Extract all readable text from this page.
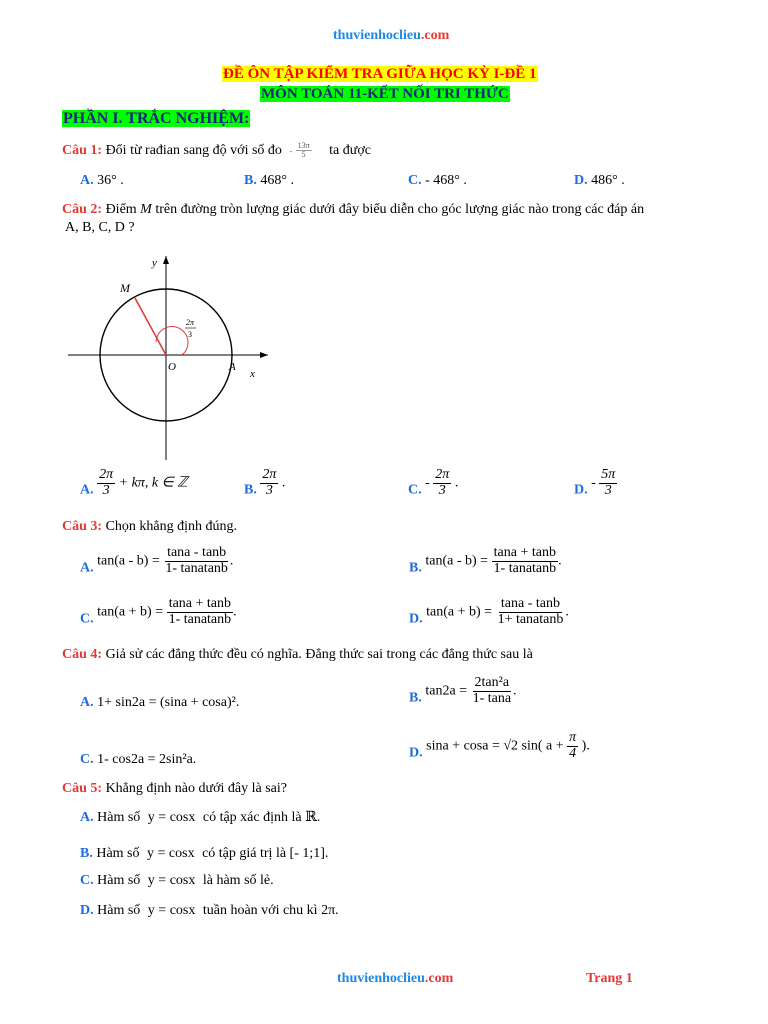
thuvienhoclieu.com
ĐỀ ÔN TẬP KIỂM TRA GIỮA HỌC KỲ I-ĐỀ 1
MÔN TOÁN 11-KẾT NỐI TRI THỨC
PHẦN I. TRẮC NGHIỆM:
Câu 1: Đổi từ rađian sang độ với số đo - $\frac{13\pi}{5}$ ta được
A. 36° .	B. 468° .	C. - 468° .	D. 486° .
Câu 2: Điểm M trên đường tròn lượng giác dưới đây biểu diễn cho góc lượng giác nào trong các đáp án
A, B, C, D ?
y
x
M
O	A
2π
3
A. $\frac{2\pi}{3} + k\pi$, k ∈ ℤ	B. $\frac{2\pi}{3}$ .	C. - $\frac{2\pi}{3}$ .	D. - $\frac{5\pi}{3}$
Câu 3: Chọn khẳng định đúng.
A. $\tan(a - b) = \frac{\tan a - \tan b}{\text{1- tanatanb}}$ .	B. $\tan(a - b) = \frac{\tan a + \tan b}{\text{1- tanatanb}}$ .
C. $\tan(a + b) = \frac{\tan a + \tan b}{\text{1- tanatanb}}$ .	D. $\tan(a + b) = \frac{\tan a - \tan b}{\text{1+ tanatanb}}$ .
Câu 4: Giả sử các đẳng thức đều có nghĩa. Đẳng thức sai trong các đẳng thức sau là
A. 1+ sin2a = (sina + cosa)².	B. $\tan 2a = \frac{\text{2tan²a}}{1- \tan a}$ .
C. 1- cos2a = 2sin²a.	D. sina + cosa = √2 sin( $a + \frac{\pi}{4}$ ).
Câu 5: Khẳng định nào dưới đây là sai?
A. Hàm số y = cosx có tập xác định là ℝ.
B. Hàm số y = cosx có tập giá trị là [- 1;1].
C. Hàm số y = cosx là hàm số lẻ.
D. Hàm số y = cosx tuần hoàn với chu kì 2π.
thuvienhoclieu.com	Trang 1
